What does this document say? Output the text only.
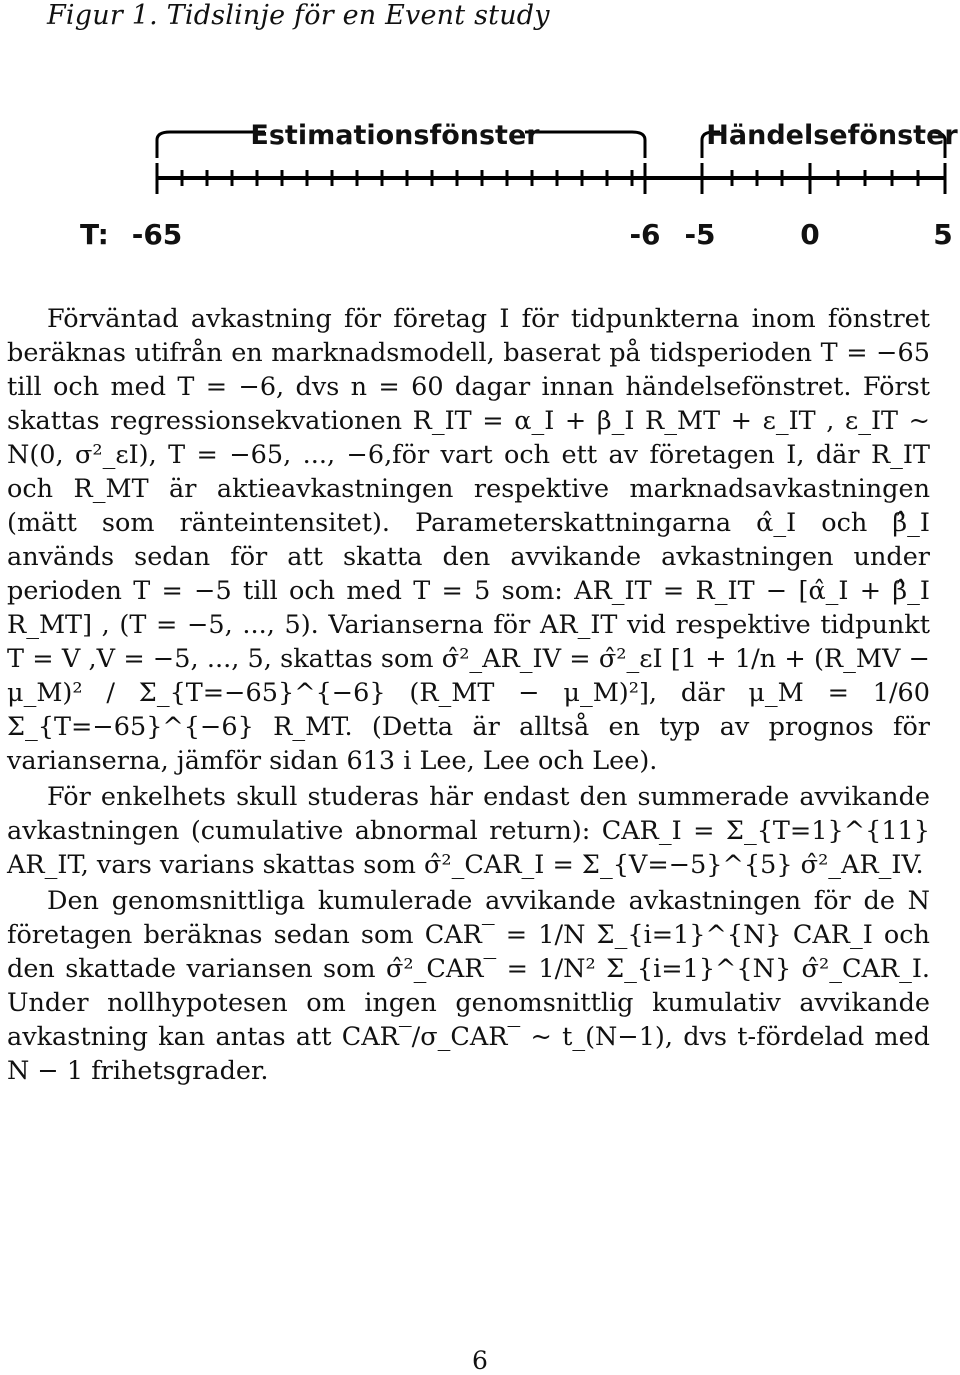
Figur 1. Tidslinje för en Event study
Estimationsfönster	Händelsefönster
T: -65	-6 -5	0	5

Förväntad avkastning för företag I för tidpunkterna inom fönstret beräknas utifrån en marknadsmodell, baserat på tidsperioden T = −65 till och med T = −6, dvs n = 60 dagar innan händelsefönstret. Först skattas regressionsekvationen R_IT = α_I + β_I R_MT + ε_IT , ε_IT ~ N(0, σ²_εI), T = −65, ..., −6,för vart och ett av företagen I, där R_IT och R_MT är aktieavkastningen respektive marknadsavkastningen (mätt som ränteintensitet). Parameterskattningarna α̂_I och β̂_I används sedan för att skatta den avvikande avkastningen under perioden T = −5 till och med T = 5 som: AR_IT = R_IT − [α̂_I + β̂_I R_MT] , (T = −5, ..., 5). Varianserna för AR_IT vid respektive tidpunkt T = V ,V = −5, ..., 5, skattas som σ̂²_AR_IV = σ̂²_εI [1 + 1/n + (R_MV − μ_M)² / Σ_{T=−65}^{−6} (R_MT − μ_M)²], där μ_M = 1/60 Σ_{T=−65}^{−6} R_MT. (Detta är alltså en typ av prognos för varianserna, jämför sidan 613 i Lee, Lee och Lee).

För enkelhets skull studeras här endast den summerade avvikande avkastningen (cumulative abnormal return): CAR_I = Σ_{T=1}^{11} AR_IT, vars varians skattas som σ̂²_CAR_I = Σ_{V=−5}^{5} σ̂²_AR_IV.

Den genomsnittliga kumulerade avvikande avkastningen för de N företagen beräknas sedan som CAR‾ = 1/N Σ_{i=1}^{N} CAR_I och den skattade variansen som σ̂²_CAR‾ = 1/N² Σ_{i=1}^{N} σ̂²_CAR_I. Under nollhypotesen om ingen genomsnittlig kumulativ avvikande avkastning kan antas att CAR‾/σ_CAR‾ ~ t_(N−1), dvs t-fördelad med N − 1 frihetsgrader.

6
